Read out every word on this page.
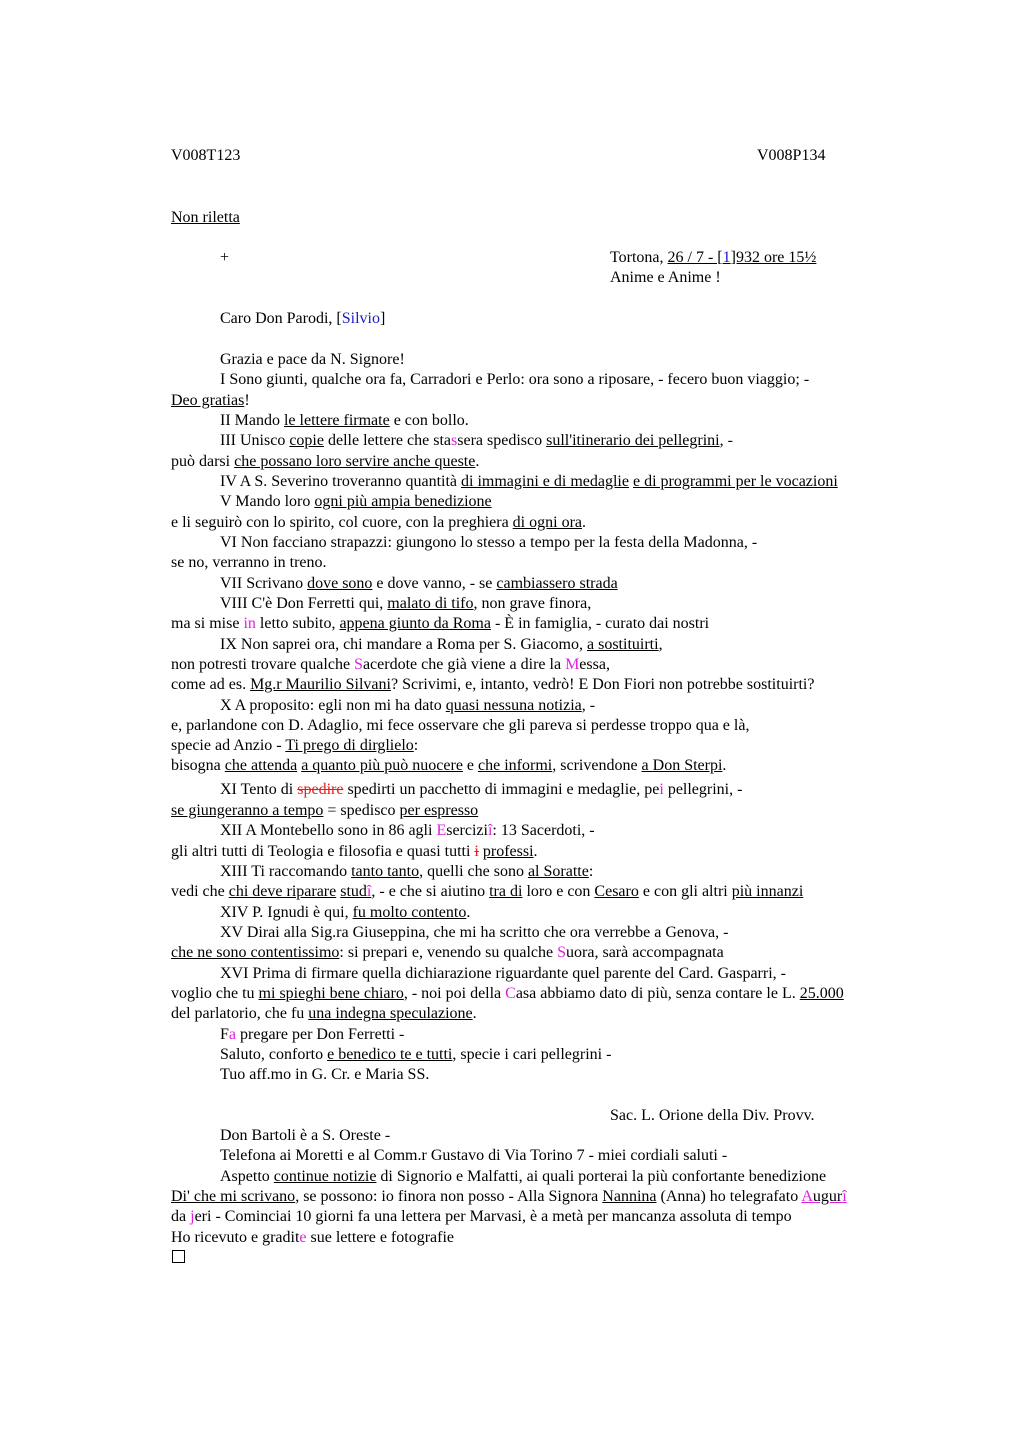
V008T123	V008P134
Non riletta
+	Tortona, 26 / 7 - [1]932 ore 15½
Anime e Anime !
Caro Don Parodi, [Silvio]
Grazia e pace da N. Signore!
I Sono giunti, qualche ora fa, Carradori e Perlo: ora sono a riposare, - fecero buon viaggio; -
Deo gratias!
II Mando le lettere firmate e con bollo.
III Unisco copie delle lettere che stassera spedisco sull'itinerario dei pellegrini, -
può darsi che possano loro servire anche queste.
IV A S. Severino troveranno quantità di immagini e di medaglie e di programmi per le vocazioni
V Mando loro ogni più ampia benedizione
e li seguirò con lo spirito, col cuore, con la preghiera di ogni ora.
VI Non facciano strapazzi: giungono lo stesso a tempo per la festa della Madonna, -
se no, verranno in treno.
VII Scrivano dove sono e dove vanno, - se cambiassero strada
VIII C'è Don Ferretti qui, malato di tifo, non grave finora,
ma si mise in letto subito, appena giunto da Roma - È in famiglia, - curato dai nostri
IX Non saprei ora, chi mandare a Roma per S. Giacomo, a sostituirti,
non potresti trovare qualche Sacerdote che già viene a dire la Messa,
come ad es. Mg.r Maurilio Silvani? Scrivimi, e, intanto, vedrò! E Don Fiori non potrebbe sostituirti?
X A proposito: egli non mi ha dato quasi nessuna notizia, -
e, parlandone con D. Adaglio, mi fece osservare che gli pareva si perdesse troppo qua e là,
specie ad Anzio - Ti prego di dirglielo:
bisogna che attenda a quanto più può nuocere e che informi, scrivendone a Don Sterpi.
XI Tento di spedire spedirti un pacchetto di immagini e medaglie, pei pellegrini, -
se giungeranno a tempo = spedisco per espresso
XII A Montebello sono in 86 agli Eserciziî: 13 Sacerdoti, -
gli altri tutti di Teologia e filosofia e quasi tutti i professi.
XIII Ti raccomando tanto tanto, quelli che sono al Soratte:
vedi che chi deve riparare studî, - e che si aiutino tra di loro e con Cesaro e con gli altri più innanzi
XIV P. Ignudi è qui, fu molto contento.
XV Dirai alla Sig.ra Giuseppina, che mi ha scritto che ora verrebbe a Genova, -
che ne sono contentissimo: si prepari e, venendo su qualche Suora, sarà accompagnata
XVI Prima di firmare quella dichiarazione riguardante quel parente del Card. Gasparri, -
voglio che tu mi spieghi bene chiaro, - noi poi della Casa abbiamo dato di più, senza contare le L. 25.000
del parlatorio, che fu una indegna speculazione.
Fa pregare per Don Ferretti -
Saluto, conforto e benedico te e tutti, specie i cari pellegrini -
Tuo aff.mo in G. Cr. e Maria SS.
Sac. L. Orione della Div. Provv.
Don Bartoli è a S. Oreste -
Telefona ai Moretti e al Comm.r Gustavo di Via Torino 7 - miei cordiali saluti -
Aspetto continue notizie di Signorio e Malfatti, ai quali porterai la più confortante benedizione
Di' che mi scrivano, se possono: io finora non posso - Alla Signora Nannina (Anna) ho telegrafato Augurî
da jeri - Cominciai 10 giorni fa una lettera per Marvasi, è a metà per mancanza assoluta di tempo
Ho ricevuto e gradite sue lettere e fotografie
